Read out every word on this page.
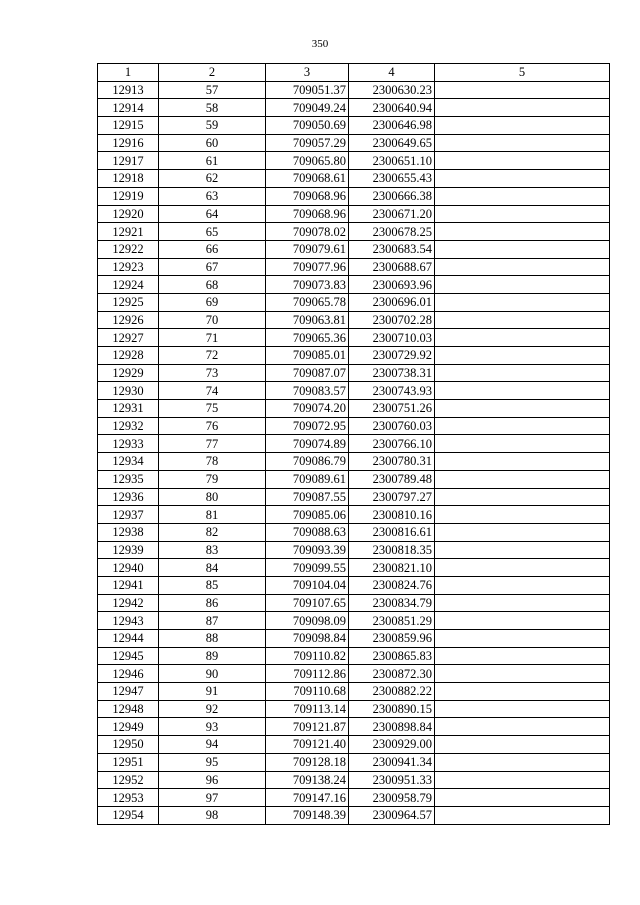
350
1	2	3	4	5
12913	57	709051.37	2300630.23	
12914	58	709049.24	2300640.94	
12915	59	709050.69	2300646.98	
12916	60	709057.29	2300649.65	
12917	61	709065.80	2300651.10	
12918	62	709068.61	2300655.43	
12919	63	709068.96	2300666.38	
12920	64	709068.96	2300671.20	
12921	65	709078.02	2300678.25	
12922	66	709079.61	2300683.54	
12923	67	709077.96	2300688.67	
12924	68	709073.83	2300693.96	
12925	69	709065.78	2300696.01	
12926	70	709063.81	2300702.28	
12927	71	709065.36	2300710.03	
12928	72	709085.01	2300729.92	
12929	73	709087.07	2300738.31	
12930	74	709083.57	2300743.93	
12931	75	709074.20	2300751.26	
12932	76	709072.95	2300760.03	
12933	77	709074.89	2300766.10	
12934	78	709086.79	2300780.31	
12935	79	709089.61	2300789.48	
12936	80	709087.55	2300797.27	
12937	81	709085.06	2300810.16	
12938	82	709088.63	2300816.61	
12939	83	709093.39	2300818.35	
12940	84	709099.55	2300821.10	
12941	85	709104.04	2300824.76	
12942	86	709107.65	2300834.79	
12943	87	709098.09	2300851.29	
12944	88	709098.84	2300859.96	
12945	89	709110.82	2300865.83	
12946	90	709112.86	2300872.30	
12947	91	709110.68	2300882.22	
12948	92	709113.14	2300890.15	
12949	93	709121.87	2300898.84	
12950	94	709121.40	2300929.00	
12951	95	709128.18	2300941.34	
12952	96	709138.24	2300951.33	
12953	97	709147.16	2300958.79	
12954	98	709148.39	2300964.57	
